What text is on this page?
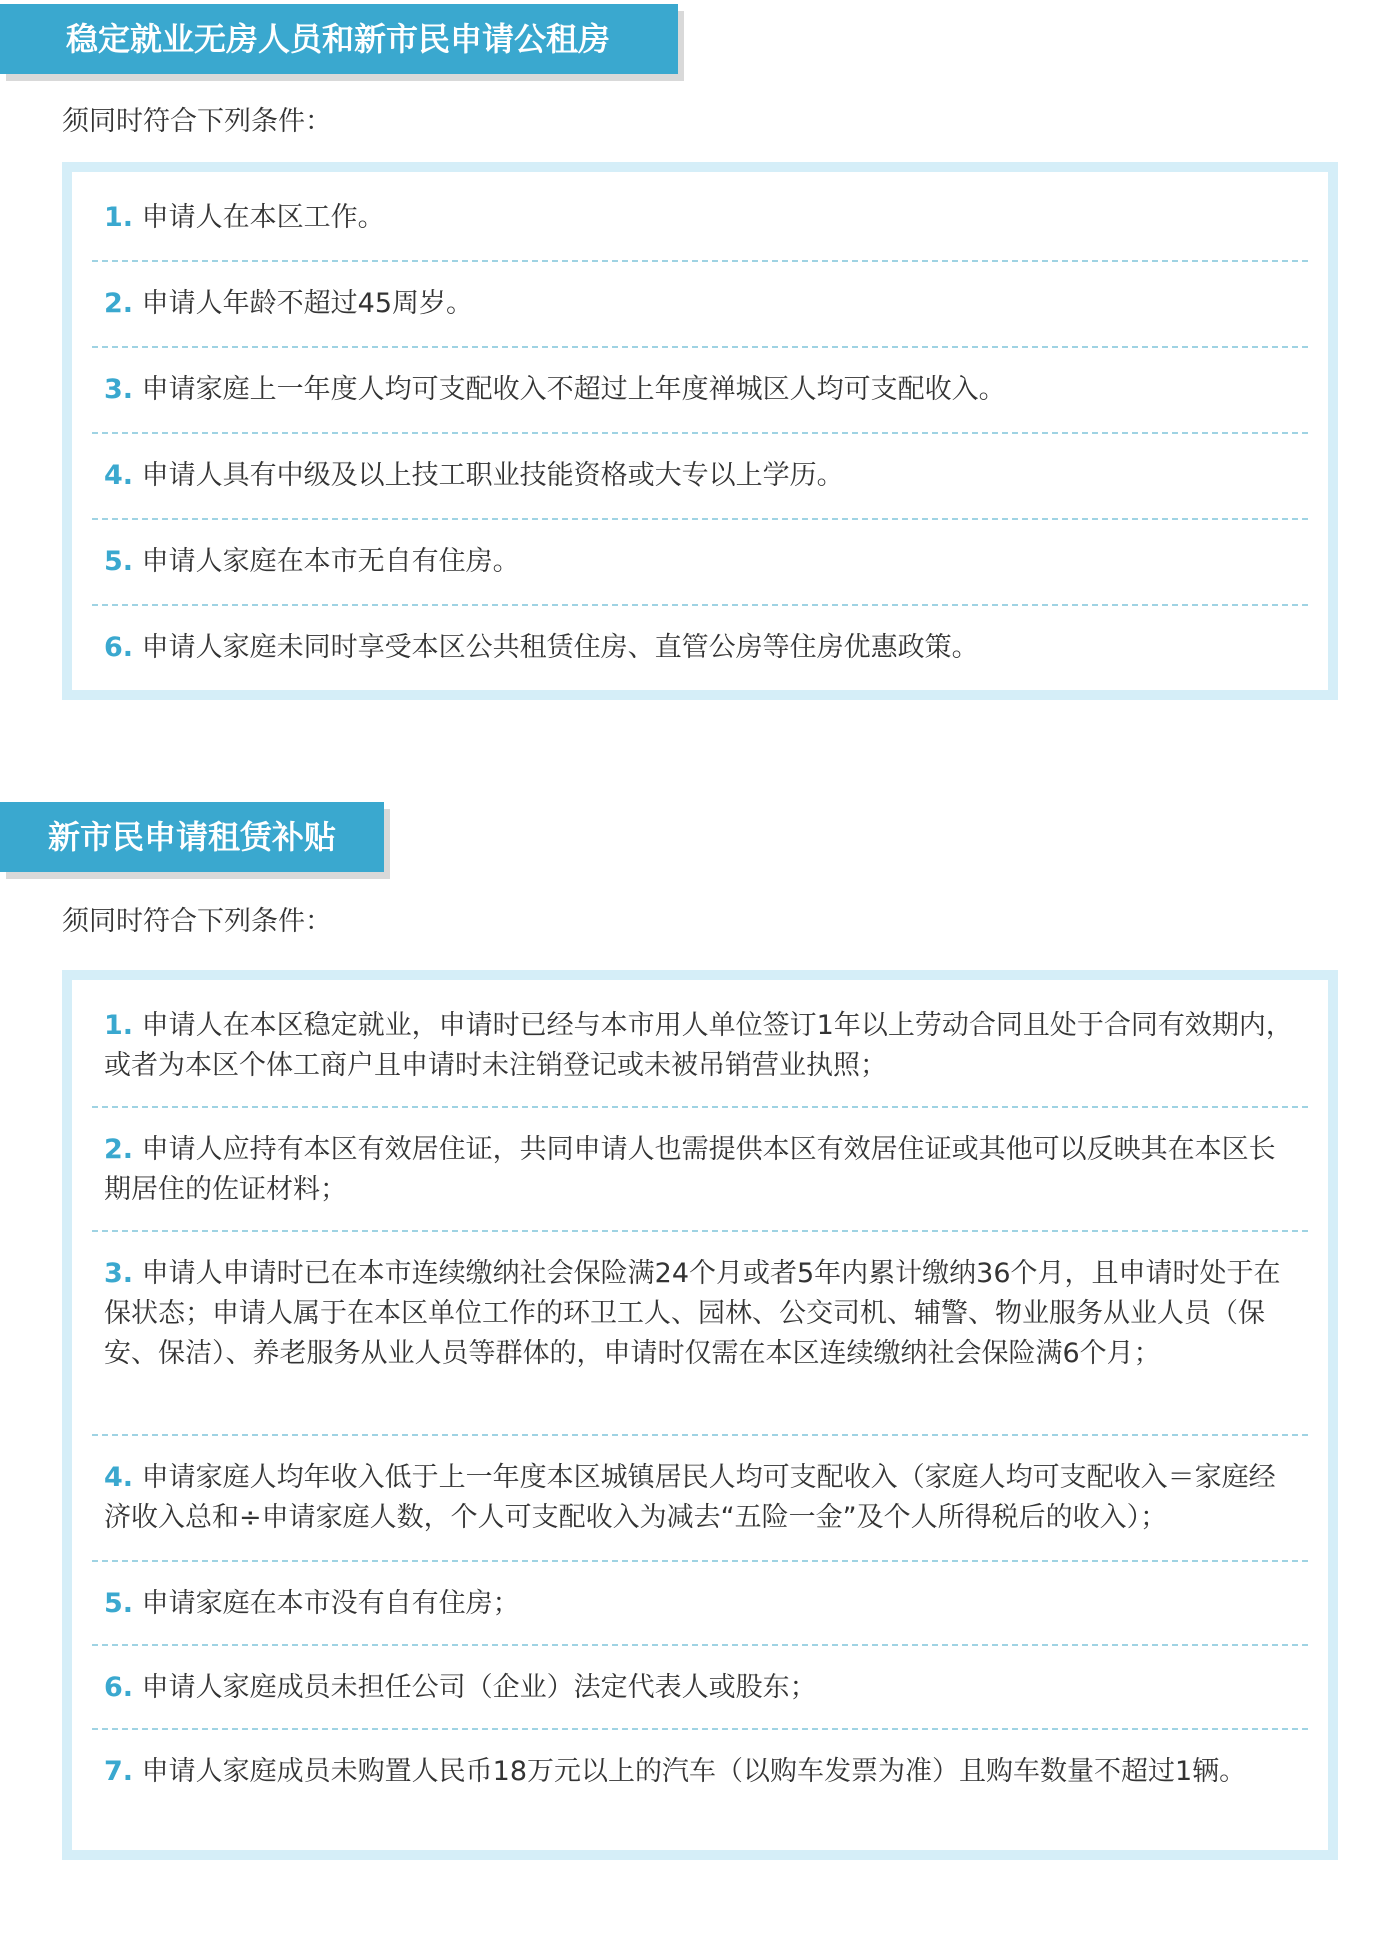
稳定就业无房人员和新市民申请公租房
须同时符合下列条件：
1. 申请人在本区工作。
2. 申请人年龄不超过45周岁。
3. 申请家庭上一年度人均可支配收入不超过上年度禅城区人均可支配收入。
4. 申请人具有中级及以上技工职业技能资格或大专以上学历。
5. 申请人家庭在本市无自有住房。
6. 申请人家庭未同时享受本区公共租赁住房、直管公房等住房优惠政策。
新市民申请租赁补贴
须同时符合下列条件：
1. 申请人在本区稳定就业，申请时已经与本市用人单位签订1年以上劳动合同且处于合同有效期内，或者为本区个体工商户且申请时未注销登记或未被吊销营业执照；
2. 申请人应持有本区有效居住证，共同申请人也需提供本区有效居住证或其他可以反映其在本区长期居住的佐证材料；
3. 申请人申请时已在本市连续缴纳社会保险满24个月或者5年内累计缴纳36个月，且申请时处于在保状态；申请人属于在本区单位工作的环卫工人、园林、公交司机、辅警、物业服务从业人员（保安、保洁）、养老服务从业人员等群体的，申请时仅需在本区连续缴纳社会保险满6个月；
4. 申请家庭人均年收入低于上一年度本区城镇居民人均可支配收入（家庭人均可支配收入＝家庭经济收入总和÷申请家庭人数，个人可支配收入为减去“五险一金”及个人所得税后的收入）；
5. 申请家庭在本市没有自有住房；
6. 申请人家庭成员未担任公司（企业）法定代表人或股东；
7. 申请人家庭成员未购置人民币18万元以上的汽车（以购车发票为准）且购车数量不超过1辆。
